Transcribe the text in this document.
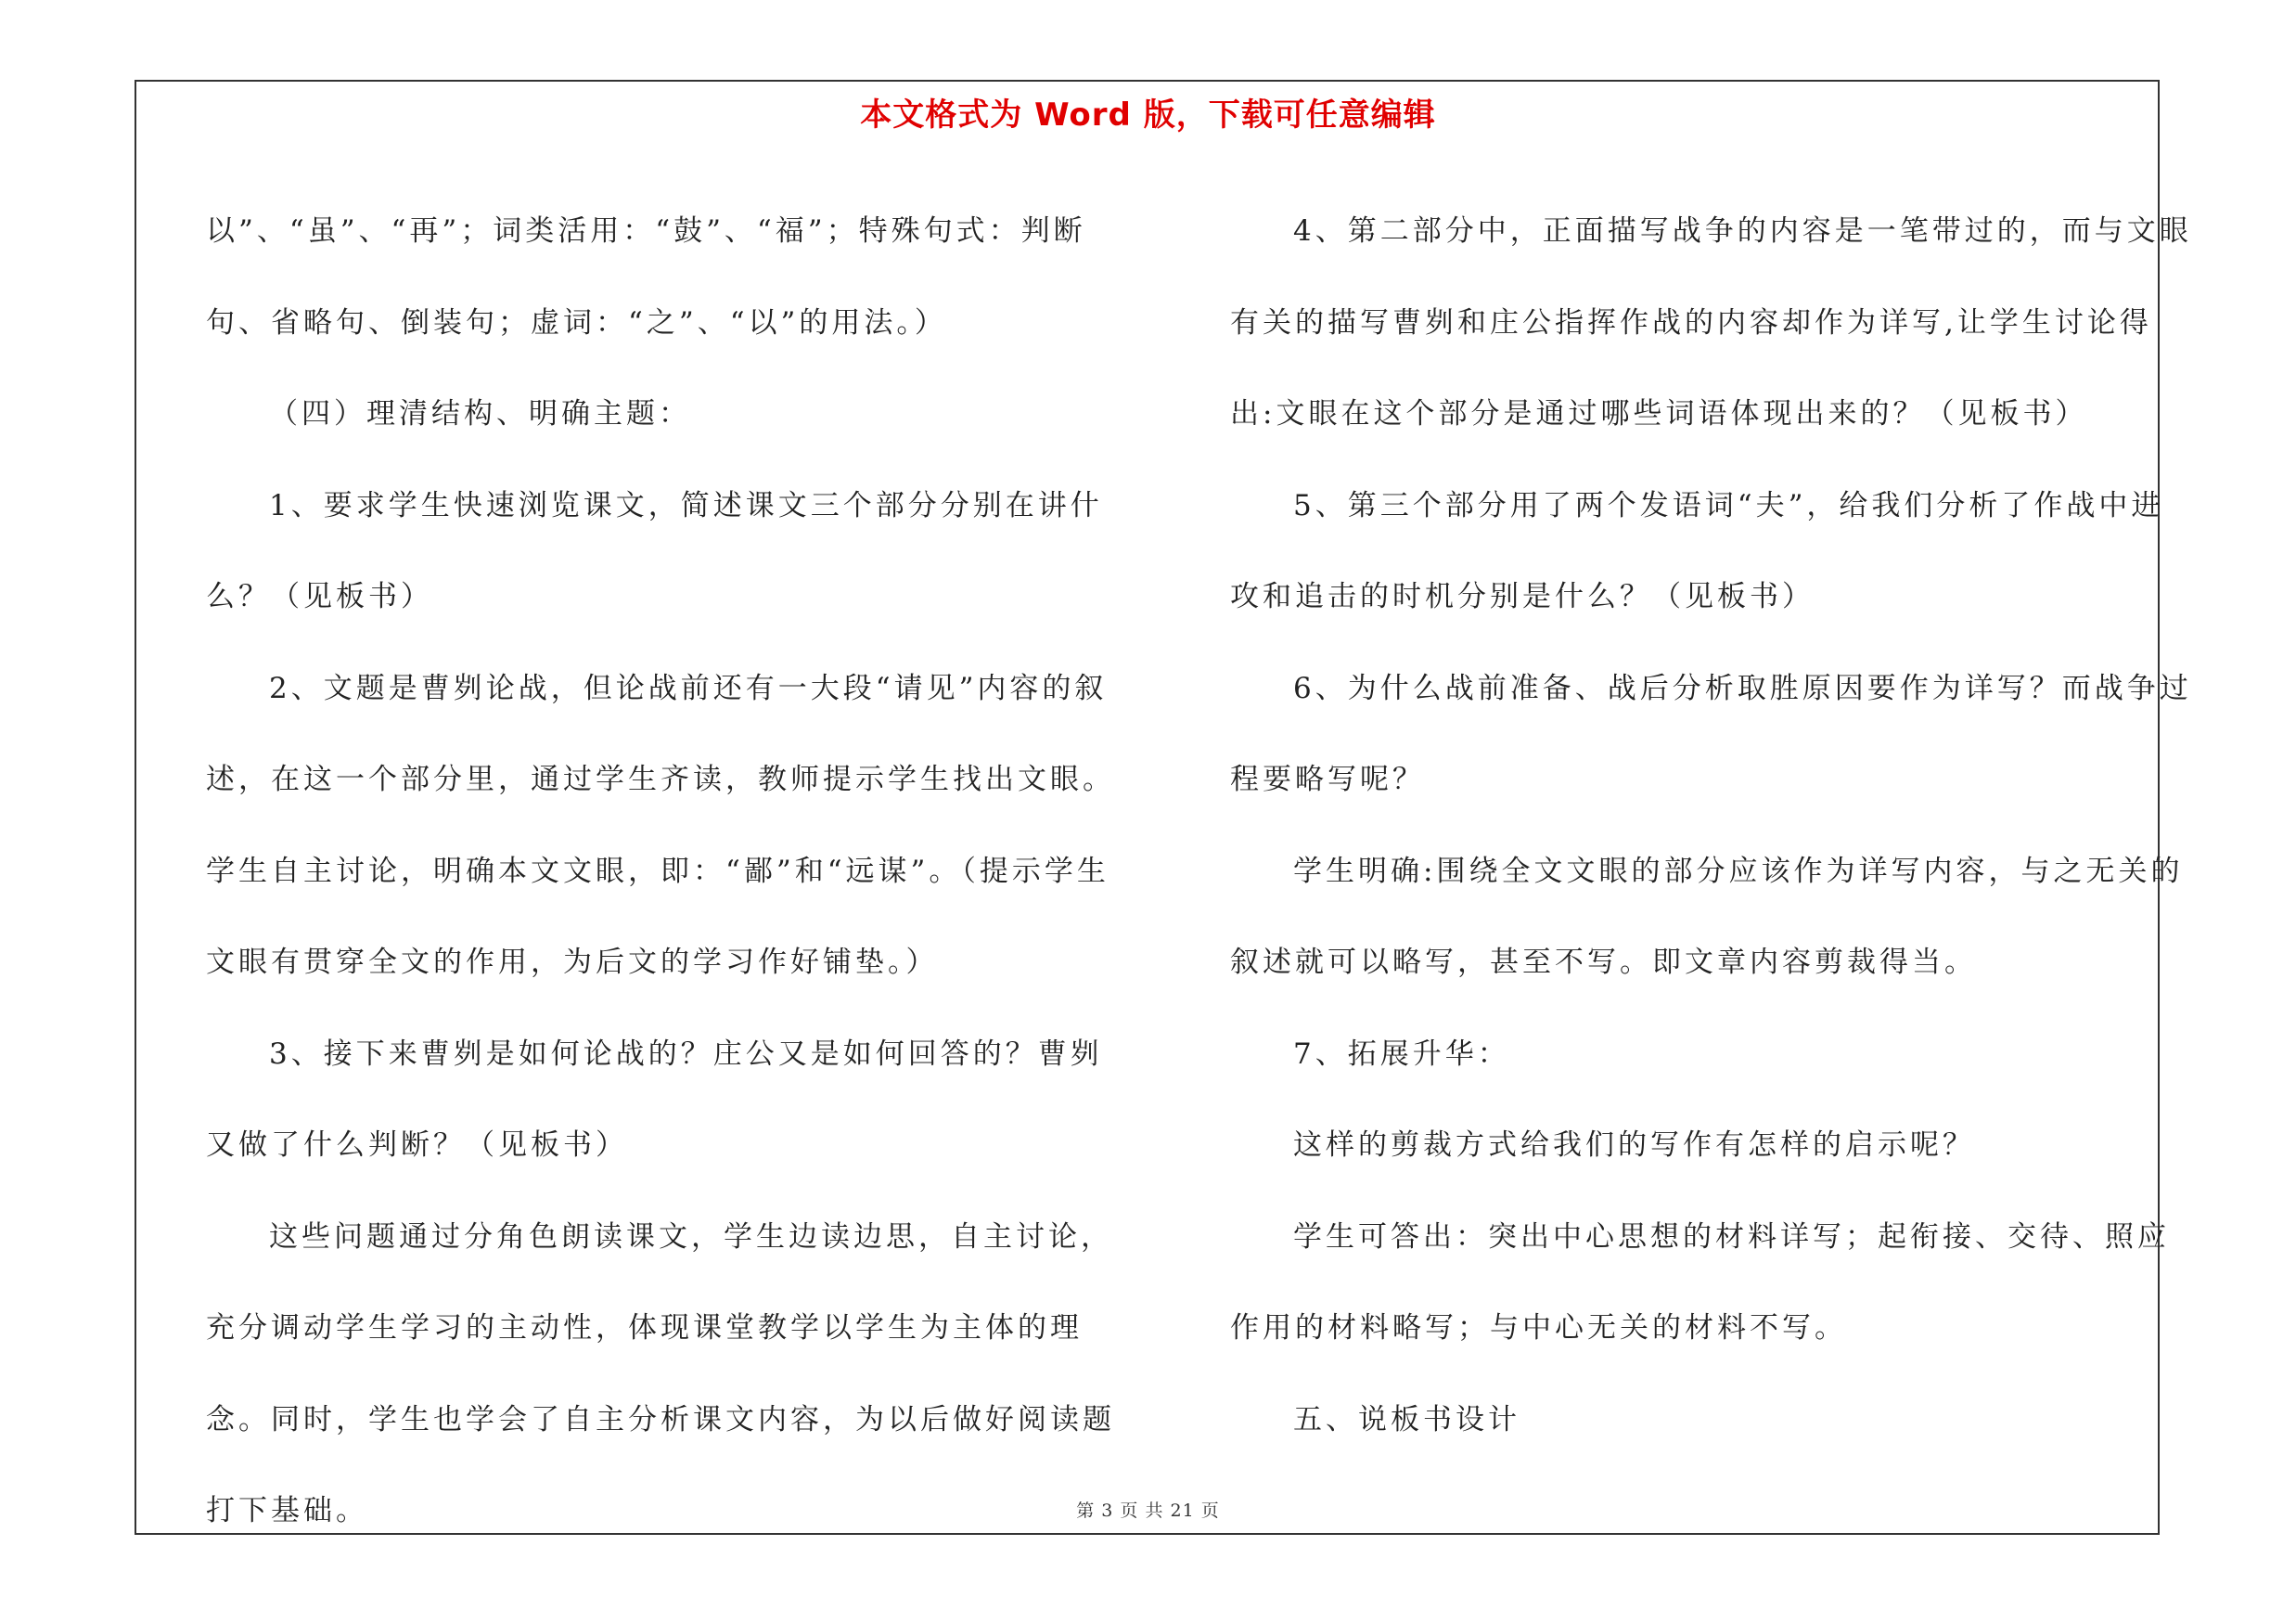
本文格式为 Word 版，下载可任意编辑

以”、“虽”、“再”；词类活用：“鼓”、“福”；特殊句式：判断句、省略句、倒装句；虚词：“之”、“以”的用法。）

（四）理清结构、明确主题：

1、要求学生快速浏览课文，简述课文三个部分分别在讲什么？（见板书）

2、文题是曹刿论战，但论战前还有一大段“请见”内容的叙述，在这一个部分里，通过学生齐读，教师提示学生找出文眼。学生自主讨论，明确本文文眼，即：“鄙”和“远谋”。（提示学生文眼有贯穿全文的作用，为后文的学习作好铺垫。）

3、接下来曹刿是如何论战的？庄公又是如何回答的？曹刿又做了什么判断？（见板书）

这些问题通过分角色朗读课文，学生边读边思，自主讨论，充分调动学生学习的主动性，体现课堂教学以学生为主体的理念。同时，学生也学会了自主分析课文内容，为以后做好阅读题打下基础。

4、第二部分中，正面描写战争的内容是一笔带过的，而与文眼有关的描写曹刿和庄公指挥作战的内容却作为详写,让学生讨论得出:文眼在这个部分是通过哪些词语体现出来的？（见板书）

5、第三个部分用了两个发语词“夫”，给我们分析了作战中进攻和追击的时机分别是什么？（见板书）

6、为什么战前准备、战后分析取胜原因要作为详写？而战争过程要略写呢？

学生明确:围绕全文文眼的部分应该作为详写内容，与之无关的叙述就可以略写，甚至不写。即文章内容剪裁得当。

7、拓展升华：

这样的剪裁方式给我们的写作有怎样的启示呢？

学生可答出：突出中心思想的材料详写；起衔接、交待、照应作用的材料略写；与中心无关的材料不写。

五、说板书设计

第 3 页 共 21 页
